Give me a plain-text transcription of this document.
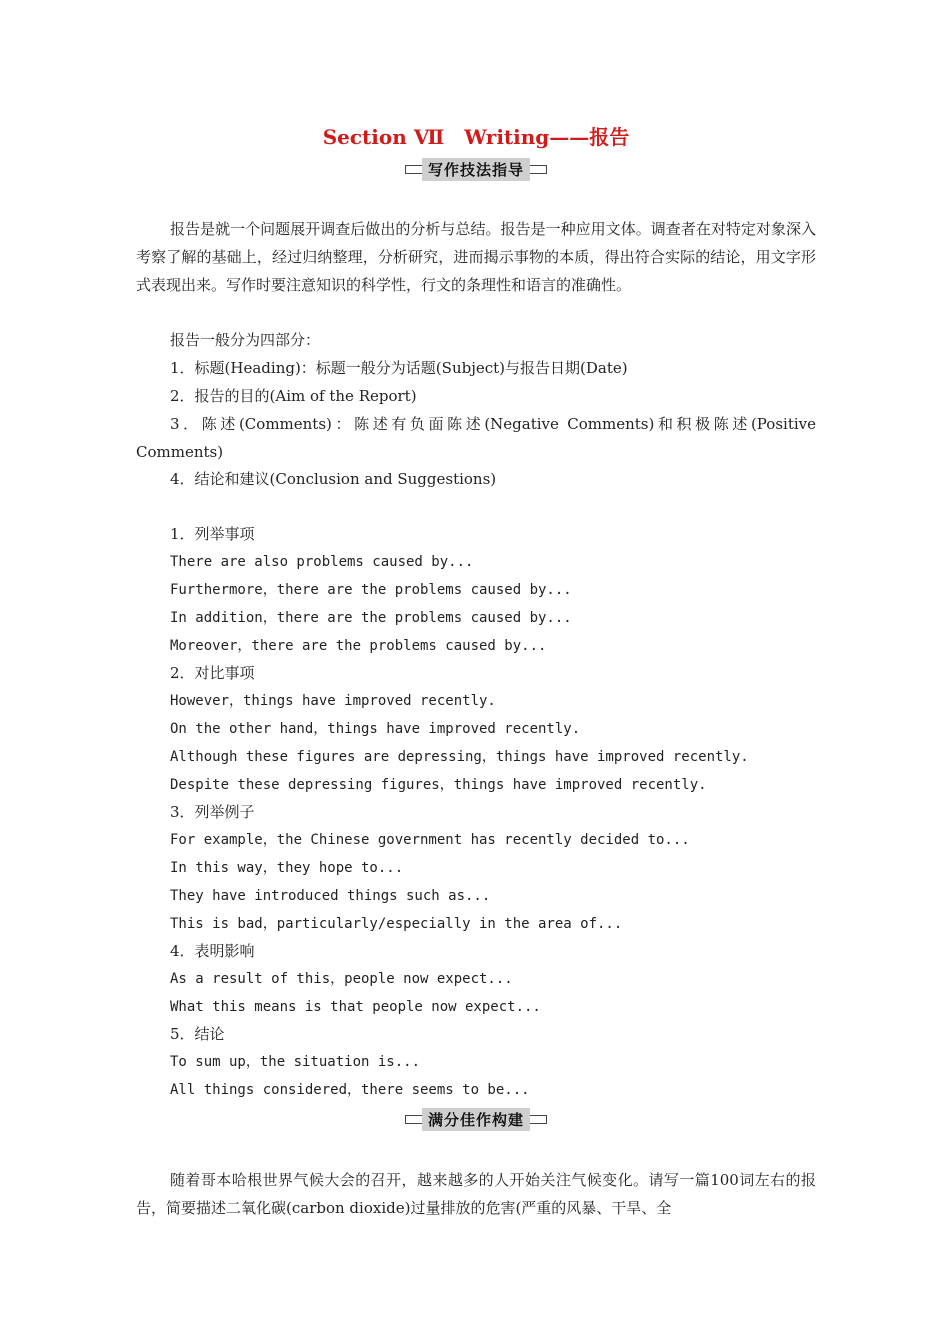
Section Ⅶ　Writing——报告
写作技法指导
报告是就一个问题展开调查后做出的分析与总结。报告是一种应用文体。调查者在对特定对象深入考察了解的基础上，经过归纳整理，分析研究，进而揭示事物的本质，得出符合实际的结论，用文字形式表现出来。写作时要注意知识的科学性，行文的条理性和语言的准确性。
报告一般分为四部分：
1．标题(Heading)：标题一般分为话题(Subject)与报告日期(Date)
2．报告的目的(Aim of the Report)
3．陈述(Comments)：陈述有负面陈述(Negative Comments)和积极陈述(Positive Comments)
4．结论和建议(Conclusion and Suggestions)
1．列举事项
There are also problems caused by...
Furthermore，there are the problems caused by...
In addition，there are the problems caused by...
Moreover，there are the problems caused by...
2．对比事项
However，things have improved recently.
On the other hand，things have improved recently.
Although these figures are depressing，things have improved recently.
Despite these depressing figures，things have improved recently.
3．列举例子
For example，the Chinese government has recently decided to...
In this way，they hope to...
They have introduced things such as...
This is bad，particularly/especially in the area of...
4．表明影响
As a result of this，people now expect...
What this means is that people now expect...
5．结论
To sum up，the situation is...
All things considered，there seems to be...
满分佳作构建
随着哥本哈根世界气候大会的召开，越来越多的人开始关注气候变化。请写一篇100词左右的报告，简要描述二氧化碳(carbon dioxide)过量排放的危害(严重的风暴、干旱、全
